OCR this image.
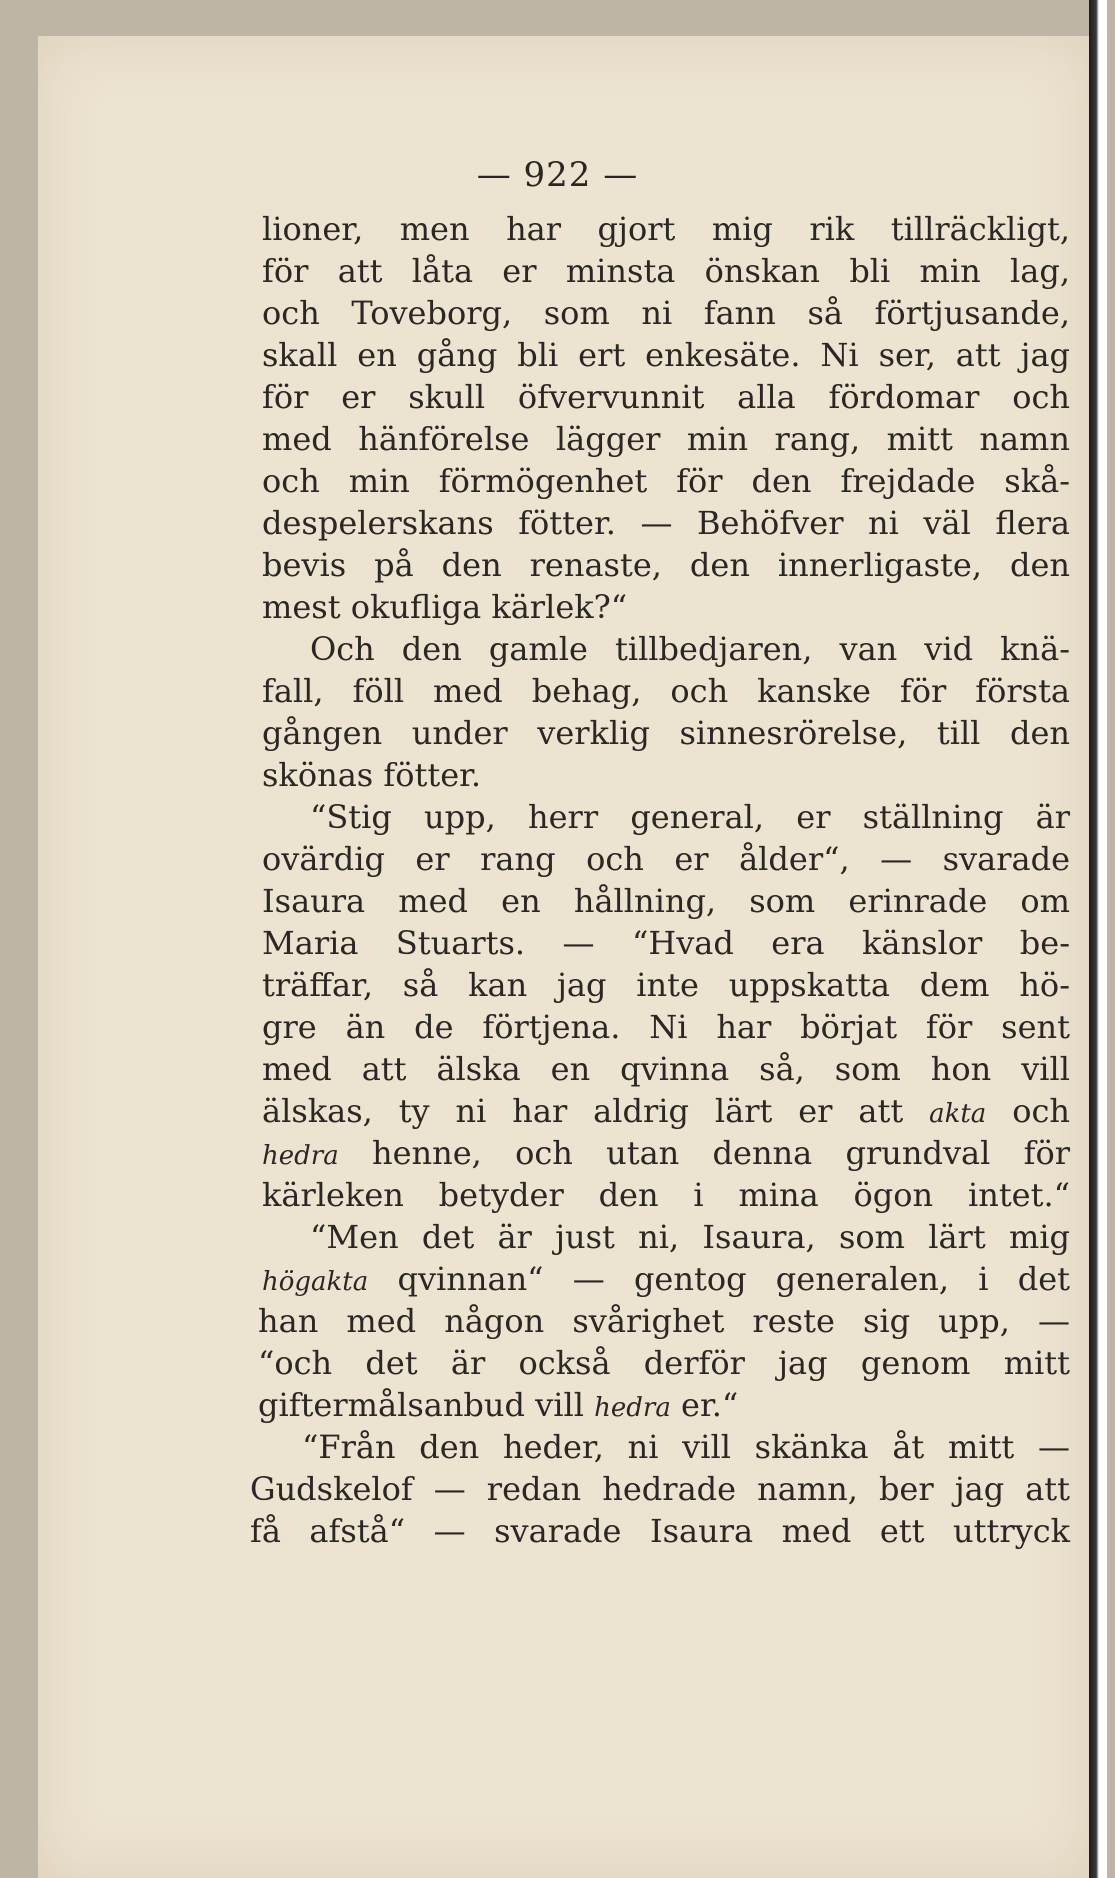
— 922 —
lioner, men har gjort mig rik tillräckligt,
för att låta er minsta önskan bli min lag,
och Toveborg, som ni fann så förtjusande,
skall en gång bli ert enkesäte. Ni ser, att jag
för er skull öfvervunnit alla fördomar och
med hänförelse lägger min rang, mitt namn
och min förmögenhet för den frejdade skå-
despelerskans fötter. — Behöfver ni väl flera
bevis på den renaste, den innerligaste, den
mest okufliga kärlek?“
Och den gamle tillbedjaren, van vid knä-
fall, föll med behag, och kanske för första
gången under verklig sinnesrörelse, till den
skönas fötter.
“Stig upp, herr general, er ställning är
ovärdig er rang och er ålder“, — svarade
Isaura med en hållning, som erinrade om
Maria Stuarts. — “Hvad era känslor be-
träffar, så kan jag inte uppskatta dem hö-
gre än de förtjena. Ni har börjat för sent
med att älska en qvinna så, som hon vill
älskas, ty ni har aldrig lärt er att akta och
hedra henne, och utan denna grundval för
kärleken betyder den i mina ögon intet.“
“Men det är just ni, Isaura, som lärt mig
högakta qvinnan“ — gentog generalen, i det
han med någon svårighet reste sig upp, —
“och det är också derför jag genom mitt
giftermålsanbud vill hedra er.“
“Från den heder, ni vill skänka åt mitt —
Gudskelof — redan hedrade namn, ber jag att
få afstå“ — svarade Isaura med ett uttryck
